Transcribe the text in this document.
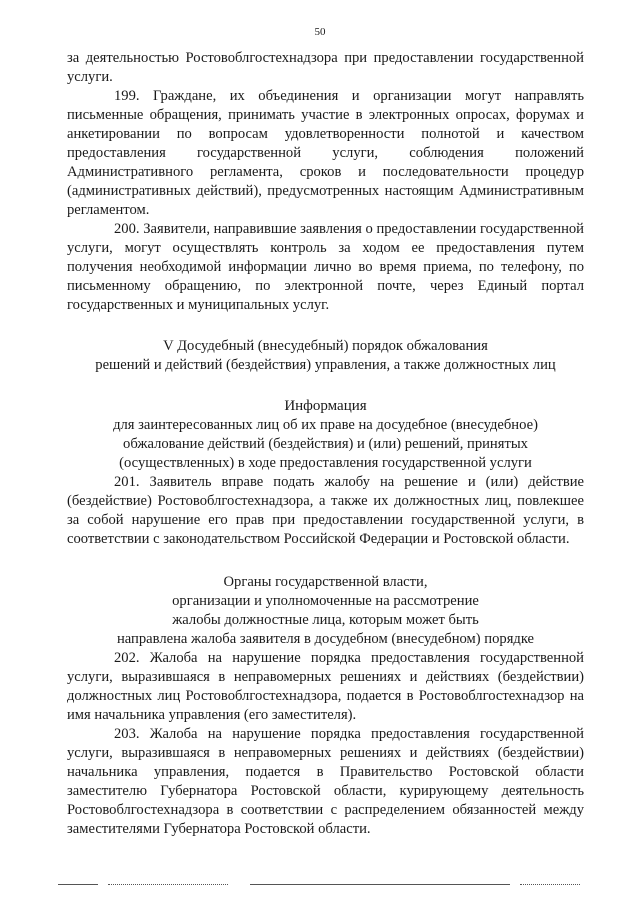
50

за деятельностью Ростовоблгостехнадзора при предоставлении государственной услуги.

199. Граждане, их объединения и организации могут направлять письменные обращения, принимать участие в электронных опросах, форумах и анкетировании по вопросам удовлетворенности полнотой и качеством предоставления государственной услуги, соблюдения положений Административного регламента, сроков и последовательности процедур (административных действий), предусмотренных настоящим Административным регламентом.

200. Заявители, направившие заявления о предоставлении государственной услуги, могут осуществлять контроль за ходом ее предоставления путем получения необходимой информации лично во время приема, по телефону, по письменному обращению, по электронной почте, через Единый портал государственных и муниципальных услуг.

V Досудебный (внесудебный) порядок обжалования
решений и действий (бездействия) управления, а также должностных лиц
Информация
для заинтересованных лиц об их праве на досудебное (внесудебное)
обжалование действий (бездействия) и (или) решений, принятых
(осуществленных) в ходе предоставления государственной услуги

201. Заявитель вправе подать жалобу на решение и (или) действие (бездействие) Ростовоблгостехнадзора, а также их должностных лиц, повлекшее за собой нарушение его прав при предоставлении государственной услуги, в соответствии с законодательством Российской Федерации и Ростовской области.

Органы государственной власти,
организации и уполномоченные на рассмотрение
жалобы должностные лица, которым может быть
направлена жалоба заявителя в досудебном (внесудебном) порядке

202. Жалоба на нарушение порядка предоставления государственной услуги, выразившаяся в неправомерных решениях и действиях (бездействии) должностных лиц Ростовоблгостехнадзора, подается в Ростовоблгостехнадзор на имя начальника управления (его заместителя).

203. Жалоба на нарушение порядка предоставления государственной услуги, выразившаяся в неправомерных решениях и действиях (бездействии) начальника управления, подается в Правительство Ростовской области заместителю Губернатора Ростовской области, курирующему деятельность Ростовоблгостехнадзора в соответствии с распределением обязанностей между заместителями Губернатора Ростовской области.
